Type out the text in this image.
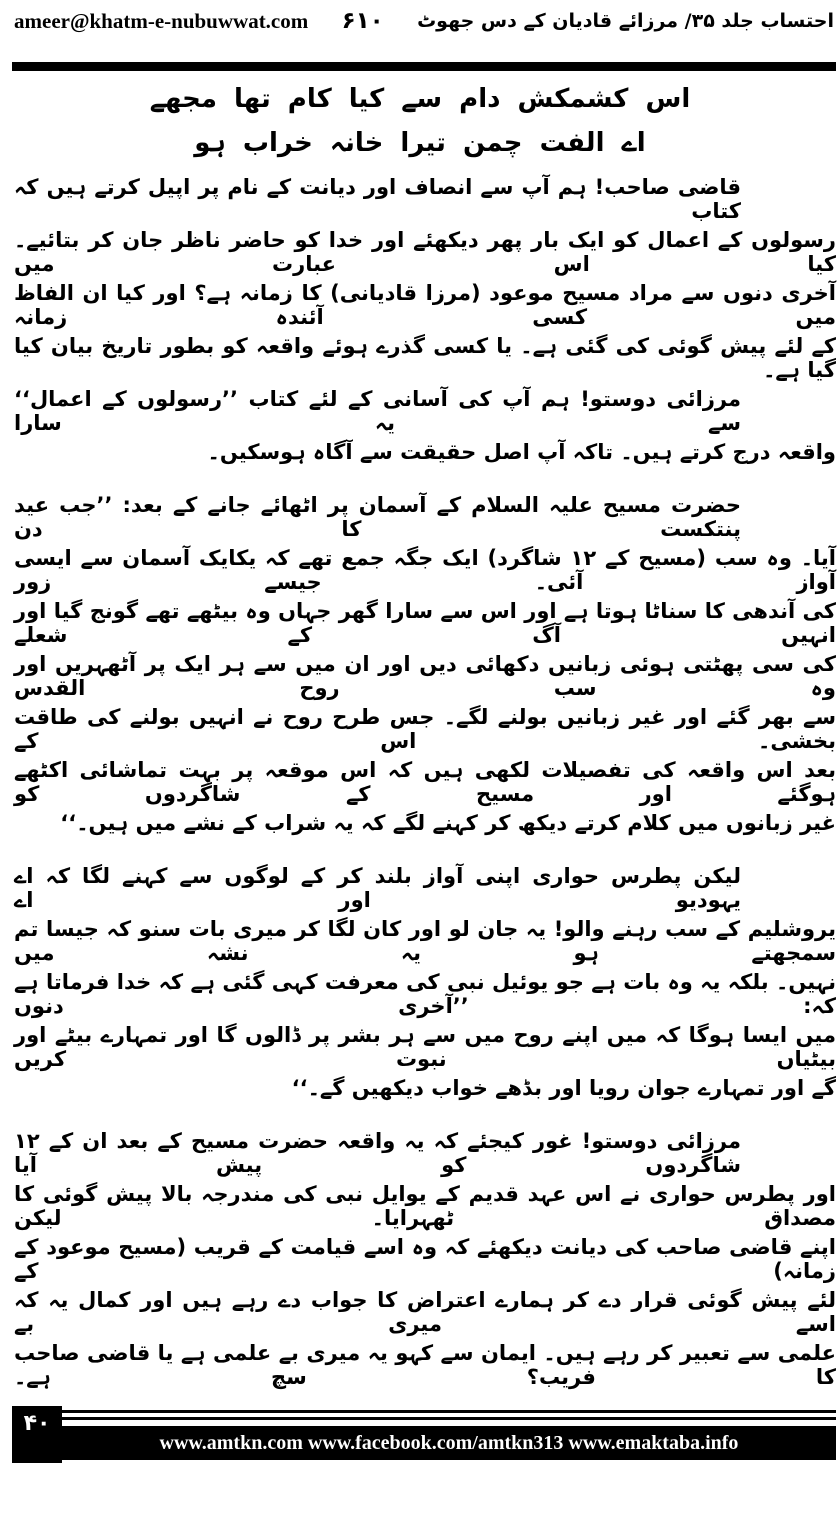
ameer@khatm-e-nubuwwat.com	۶۱۰	احتساب جلد ۳۵/ مرزائے قادیان کے دس جھوٹ
اس کشمکش دام سے کیا کام تھا مجھے
اے الفت چمن تیرا خانہ خراب ہو
قاضی صاحب! ہم آپ سے انصاف اور دیانت کے نام پر اپیل کرتے ہیں کہ کتاب
رسولوں کے اعمال کو ایک بار پھر دیکھئے اور خدا کو حاضر ناظر جان کر بتائیے۔ کیا اس عبارت میں
آخری دنوں سے مراد مسیح موعود (مرزا قادیانی) کا زمانہ ہے؟ اور کیا ان الفاظ میں کسی آئندہ زمانہ
کے لئے پیش گوئی کی گئی ہے۔ یا کسی گذرے ہوئے واقعہ کو بطور تاریخ بیان کیا گیا ہے۔
مرزائی دوستو! ہم آپ کی آسانی کے لئے کتاب ’’رسولوں کے اعمال‘‘ سے یہ سارا
واقعہ درج کرتے ہیں۔ تاکہ آپ اصل حقیقت سے آگاہ ہوسکیں۔
حضرت مسیح علیہ السلام کے آسمان پر اٹھائے جانے کے بعد: ’’جب عید پنتکست کا دن
آیا۔ وہ سب (مسیح کے ۱۲ شاگرد) ایک جگہ جمع تھے کہ یکایک آسمان سے ایسی آواز آئی۔ جیسے زور
کی آندھی کا سناٹا ہوتا ہے اور اس سے سارا گھر جہاں وہ بیٹھے تھے گونج گیا اور انہیں آگ کے شعلے
کی سی پھٹتی ہوئی زبانیں دکھائی دیں اور ان میں سے ہر ایک پر آٹھہریں اور وہ سب روح القدس
سے بھر گئے اور غیر زبانیں بولنے لگے۔ جس طرح روح نے انہیں بولنے کی طاقت بخشی۔ اس کے
بعد اس واقعہ کی تفصیلات لکھی ہیں کہ اس موقعہ پر بہت تماشائی اکٹھے ہوگئے اور مسیح کے شاگردوں کو
غیر زبانوں میں کلام کرتے دیکھ کر کہنے لگے کہ یہ شراب کے نشے میں ہیں۔‘‘
لیکن پطرس حواری اپنی آواز بلند کر کے لوگوں سے کہنے لگا کہ اے یہودیو اور اے
یروشلیم کے سب رہنے والو! یہ جان لو اور کان لگا کر میری بات سنو کہ جیسا تم سمجھتے ہو یہ نشہ میں
نہیں۔ بلکہ یہ وہ بات ہے جو یوئیل نبی کی معرفت کہی گئی ہے کہ خدا فرماتا ہے کہ: ’’آخری دنوں
میں ایسا ہوگا کہ میں اپنے روح میں سے ہر بشر پر ڈالوں گا اور تمہارے بیٹے اور بیٹیاں نبوت کریں
گے اور تمہارے جوان رویا اور بڈھے خواب دیکھیں گے۔‘‘
مرزائی دوستو! غور کیجئے کہ یہ واقعہ حضرت مسیح کے بعد ان کے ۱۲ شاگردوں کو پیش آیا
اور پطرس حواری نے اس عہد قدیم کے یوایل نبی کی مندرجہ بالا پیش گوئی کا مصداق ٹھہرایا۔ لیکن
اپنے قاضی صاحب کی دیانت دیکھئے کہ وہ اسے قیامت کے قریب (مسیح موعود کے زمانہ) کے
لئے پیش گوئی قرار دے کر ہمارے اعتراض کا جواب دے رہے ہیں اور کمال یہ کہ اسے میری بے
علمی سے تعبیر کر رہے ہیں۔ ایمان سے کہو یہ میری بے علمی ہے یا قاضی صاحب کا فریب؟ سچ ہے۔
۴۰
www.amtkn.com www.facebook.com/amtkn313 www.emaktaba.info
